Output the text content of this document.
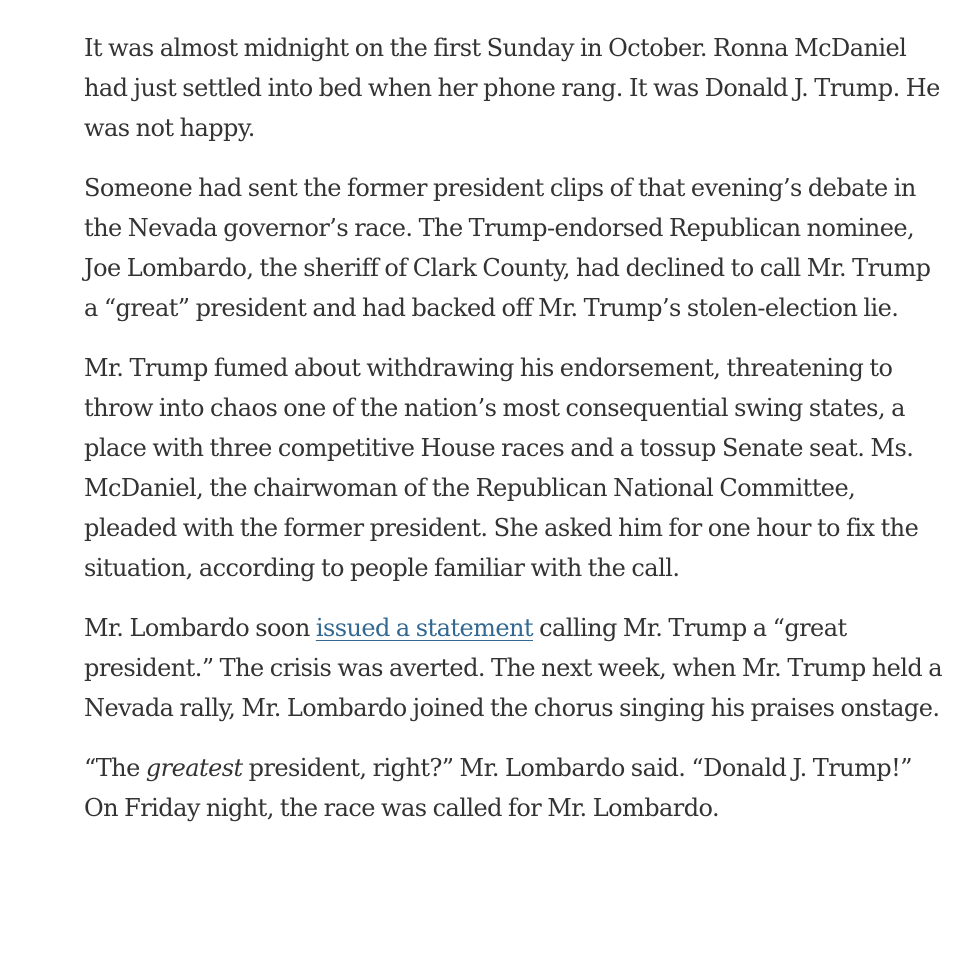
It was almost midnight on the first Sunday in October. Ronna McDaniel had just settled into bed when her phone rang. It was Donald J. Trump. He was not happy.

Someone had sent the former president clips of that evening’s debate in the Nevada governor’s race. The Trump-endorsed Republican nominee, Joe Lombardo, the sheriff of Clark County, had declined to call Mr. Trump a “great” president and had backed off Mr. Trump’s stolen-election lie.

Mr. Trump fumed about withdrawing his endorsement, threatening to throw into chaos one of the nation’s most consequential swing states, a place with three competitive House races and a tossup Senate seat. Ms. McDaniel, the chairwoman of the Republican National Committee, pleaded with the former president. She asked him for one hour to fix the situation, according to people familiar with the call.

Mr. Lombardo soon issued a statement calling Mr. Trump a “great president.” The crisis was averted. The next week, when Mr. Trump held a Nevada rally, Mr. Lombardo joined the chorus singing his praises onstage.

“The greatest president, right?” Mr. Lombardo said. “Donald J. Trump!” On Friday night, the race was called for Mr. Lombardo.
